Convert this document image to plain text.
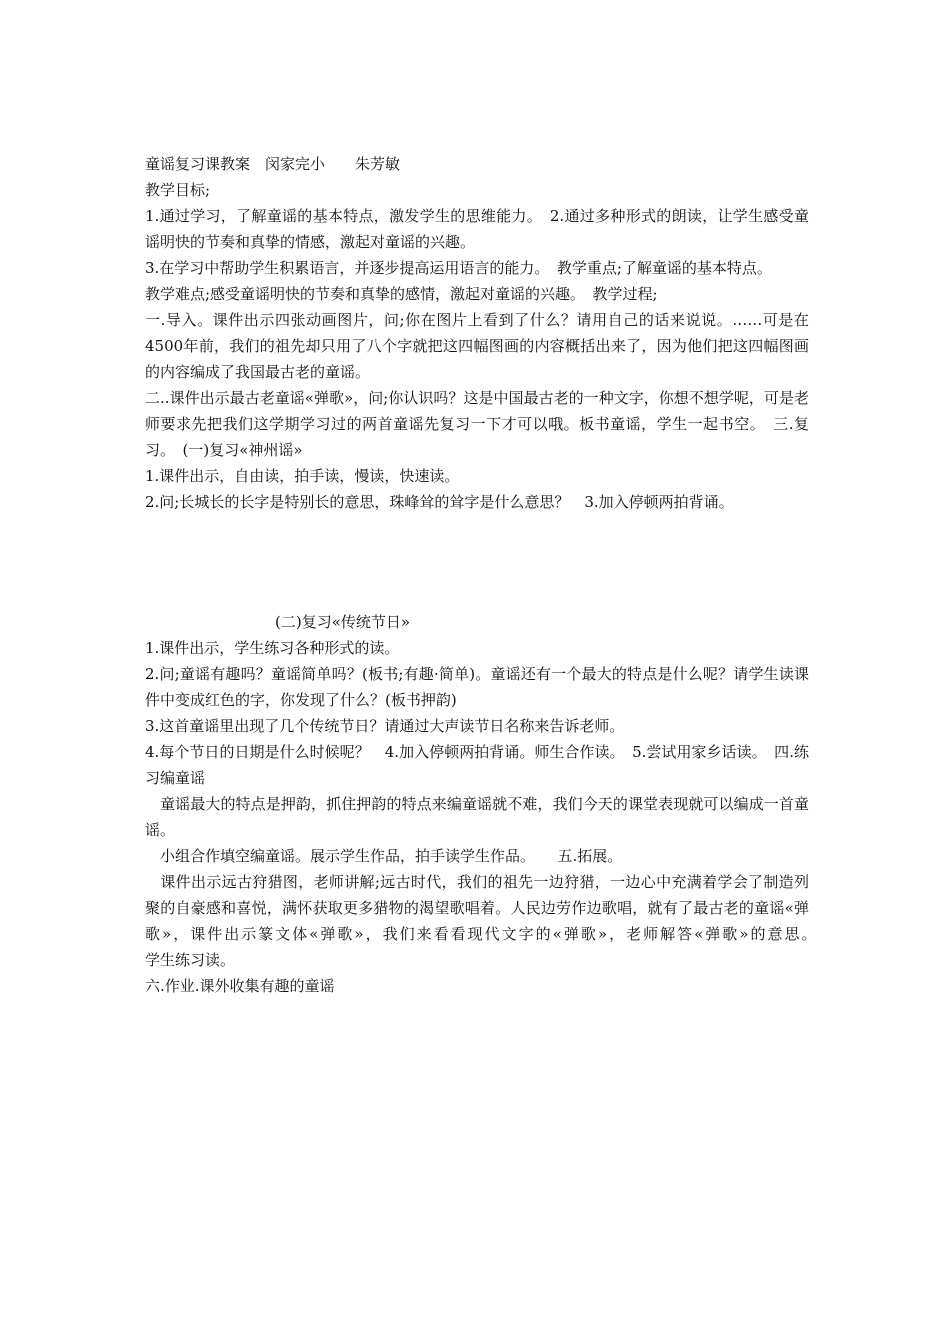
童谣复习课教案　闵家完小　　朱芳敏

教学目标;

1.通过学习，了解童谣的基本特点，激发学生的思维能力。　2.通过多种形式的朗读，让学生感受童谣明快的节奏和真挚的情感，激起对童谣的兴趣。

3.在学习中帮助学生积累语言，并逐步提高运用语言的能力。　教学重点;了解童谣的基本特点。

教学难点;感受童谣明快的节奏和真挚的感情，激起对童谣的兴趣。　教学过程;

一.导入。课件出示四张动画图片，问;你在图片上看到了什么？请用自己的话来说说。……可是在4500年前，我们的祖先却只用了八个字就把这四幅图画的内容概括出来了，因为他们把这四幅图画的内容编成了我国最古老的童谣。

二..课件出示最古老童谣«弹歌»，问;你认识吗？这是中国最古老的一种文字，你想不想学呢，可是老师要求先把我们这学期学习过的两首童谣先复习一下才可以哦。板书童谣，学生一起书空。　三.复习。　(一)复习«神州谣»

1.课件出示，自由读，拍手读，慢读，快速读。

2.问;长城长的长字是特别长的意思，珠峰耸的耸字是什么意思？　3.加入停顿两拍背诵。

(二)复习«传统节日»

1.课件出示，学生练习各种形式的读。

2.问;童谣有趣吗？童谣简单吗？(板书;有趣·简单)。童谣还有一个最大的特点是什么呢？请学生读课件中变成红色的字，你发现了什么？(板书押韵)

3.这首童谣里出现了几个传统节日？请通过大声读节日名称来告诉老师。

4.每个节日的日期是什么时候呢？　4.加入停顿两拍背诵。师生合作读。　5.尝试用家乡话读。　四.练习编童谣

　童谣最大的特点是押韵，抓住押韵的特点来编童谣就不难，我们今天的课堂表现就可以编成一首童谣。

　小组合作填空编童谣。展示学生作品，拍手读学生作品。　　五.拓展。

　课件出示远古狩猎图，老师讲解;远古时代，我们的祖先一边狩猎，一边心中充满着学会了制造列聚的自豪感和喜悦，满怀获取更多猎物的渴望歌唱着。人民边劳作边歌唱，就有了最古老的童谣«弹歌»，课件出示篆文体«弹歌»，我们来看看现代文字的«弹歌»，老师解答«弹歌»的意思。　　　　　　学生练习读。

六.作业.课外收集有趣的童谣
